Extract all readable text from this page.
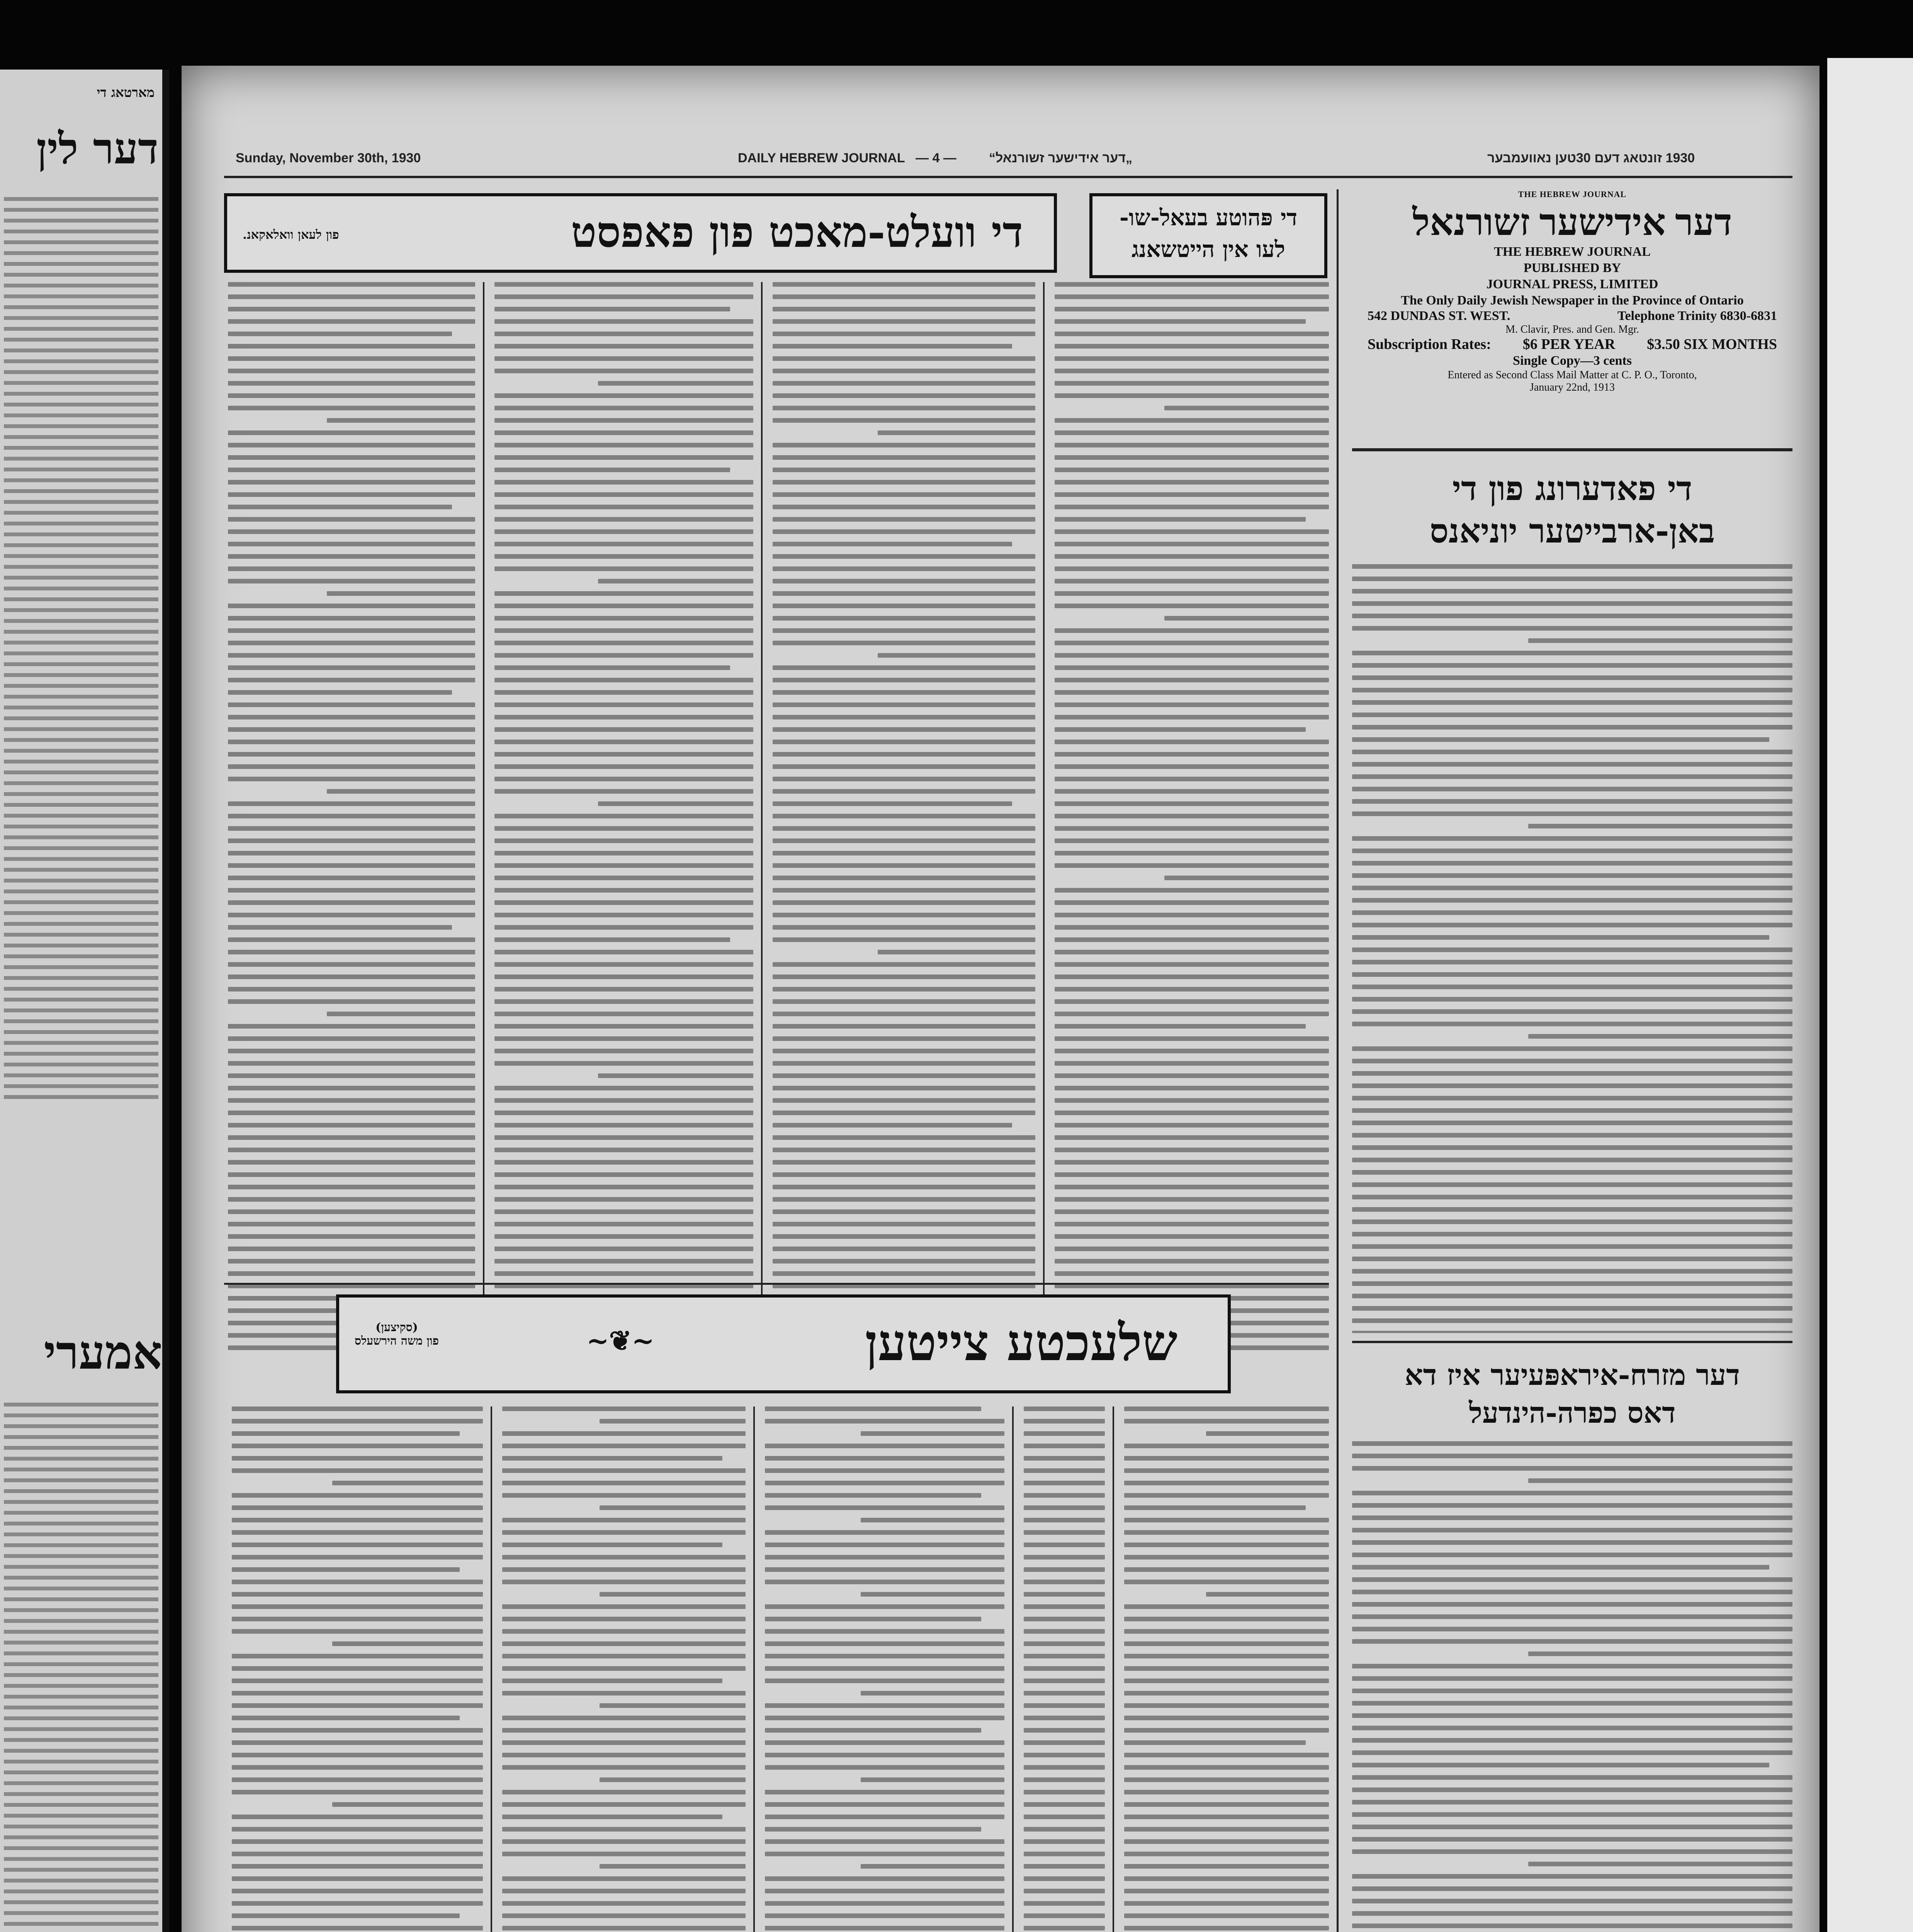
מארטאג די
דער לין
אמערי
Sunday, November 30th, 1930	DAILY HEBREW JOURNAL — 4 — „דער אידישער זשורנאל“	1930 זונטאג דעם 30טען נאוועמבער
THE HEBREW JOURNAL
דער אידישער זשורנאל
THE HEBREW JOURNAL
PUBLISHED BY
JOURNAL PRESS, LIMITED
The Only Daily Jewish Newspaper in the Province of Ontario
542 DUNDAS ST. WEST.	Telephone Trinity 6830-6831
M. Clavir, Pres. and Gen. Mgr.
Subscription Rates: $6 PER YEAR $3.50 SIX MONTHS
Single Copy—3 cents
Entered as Second Class Mail Matter at C. P. O., Toronto,
January 22nd, 1913
די פאדערונג פון די
באן-ארבייטער יוניאנס
די וועלט-מאכט פון פאפסט
פון לעאן וואלאקאנ.
די פּהוטע בעאל-שו-
לעו אין הייטשאנג
דער מזרח-איראפּעיער איז דא
דאס כפרה-הינדעל
שלעכטע צייטען
(סקיצען)
פון משה הירשעלס	~❦~
